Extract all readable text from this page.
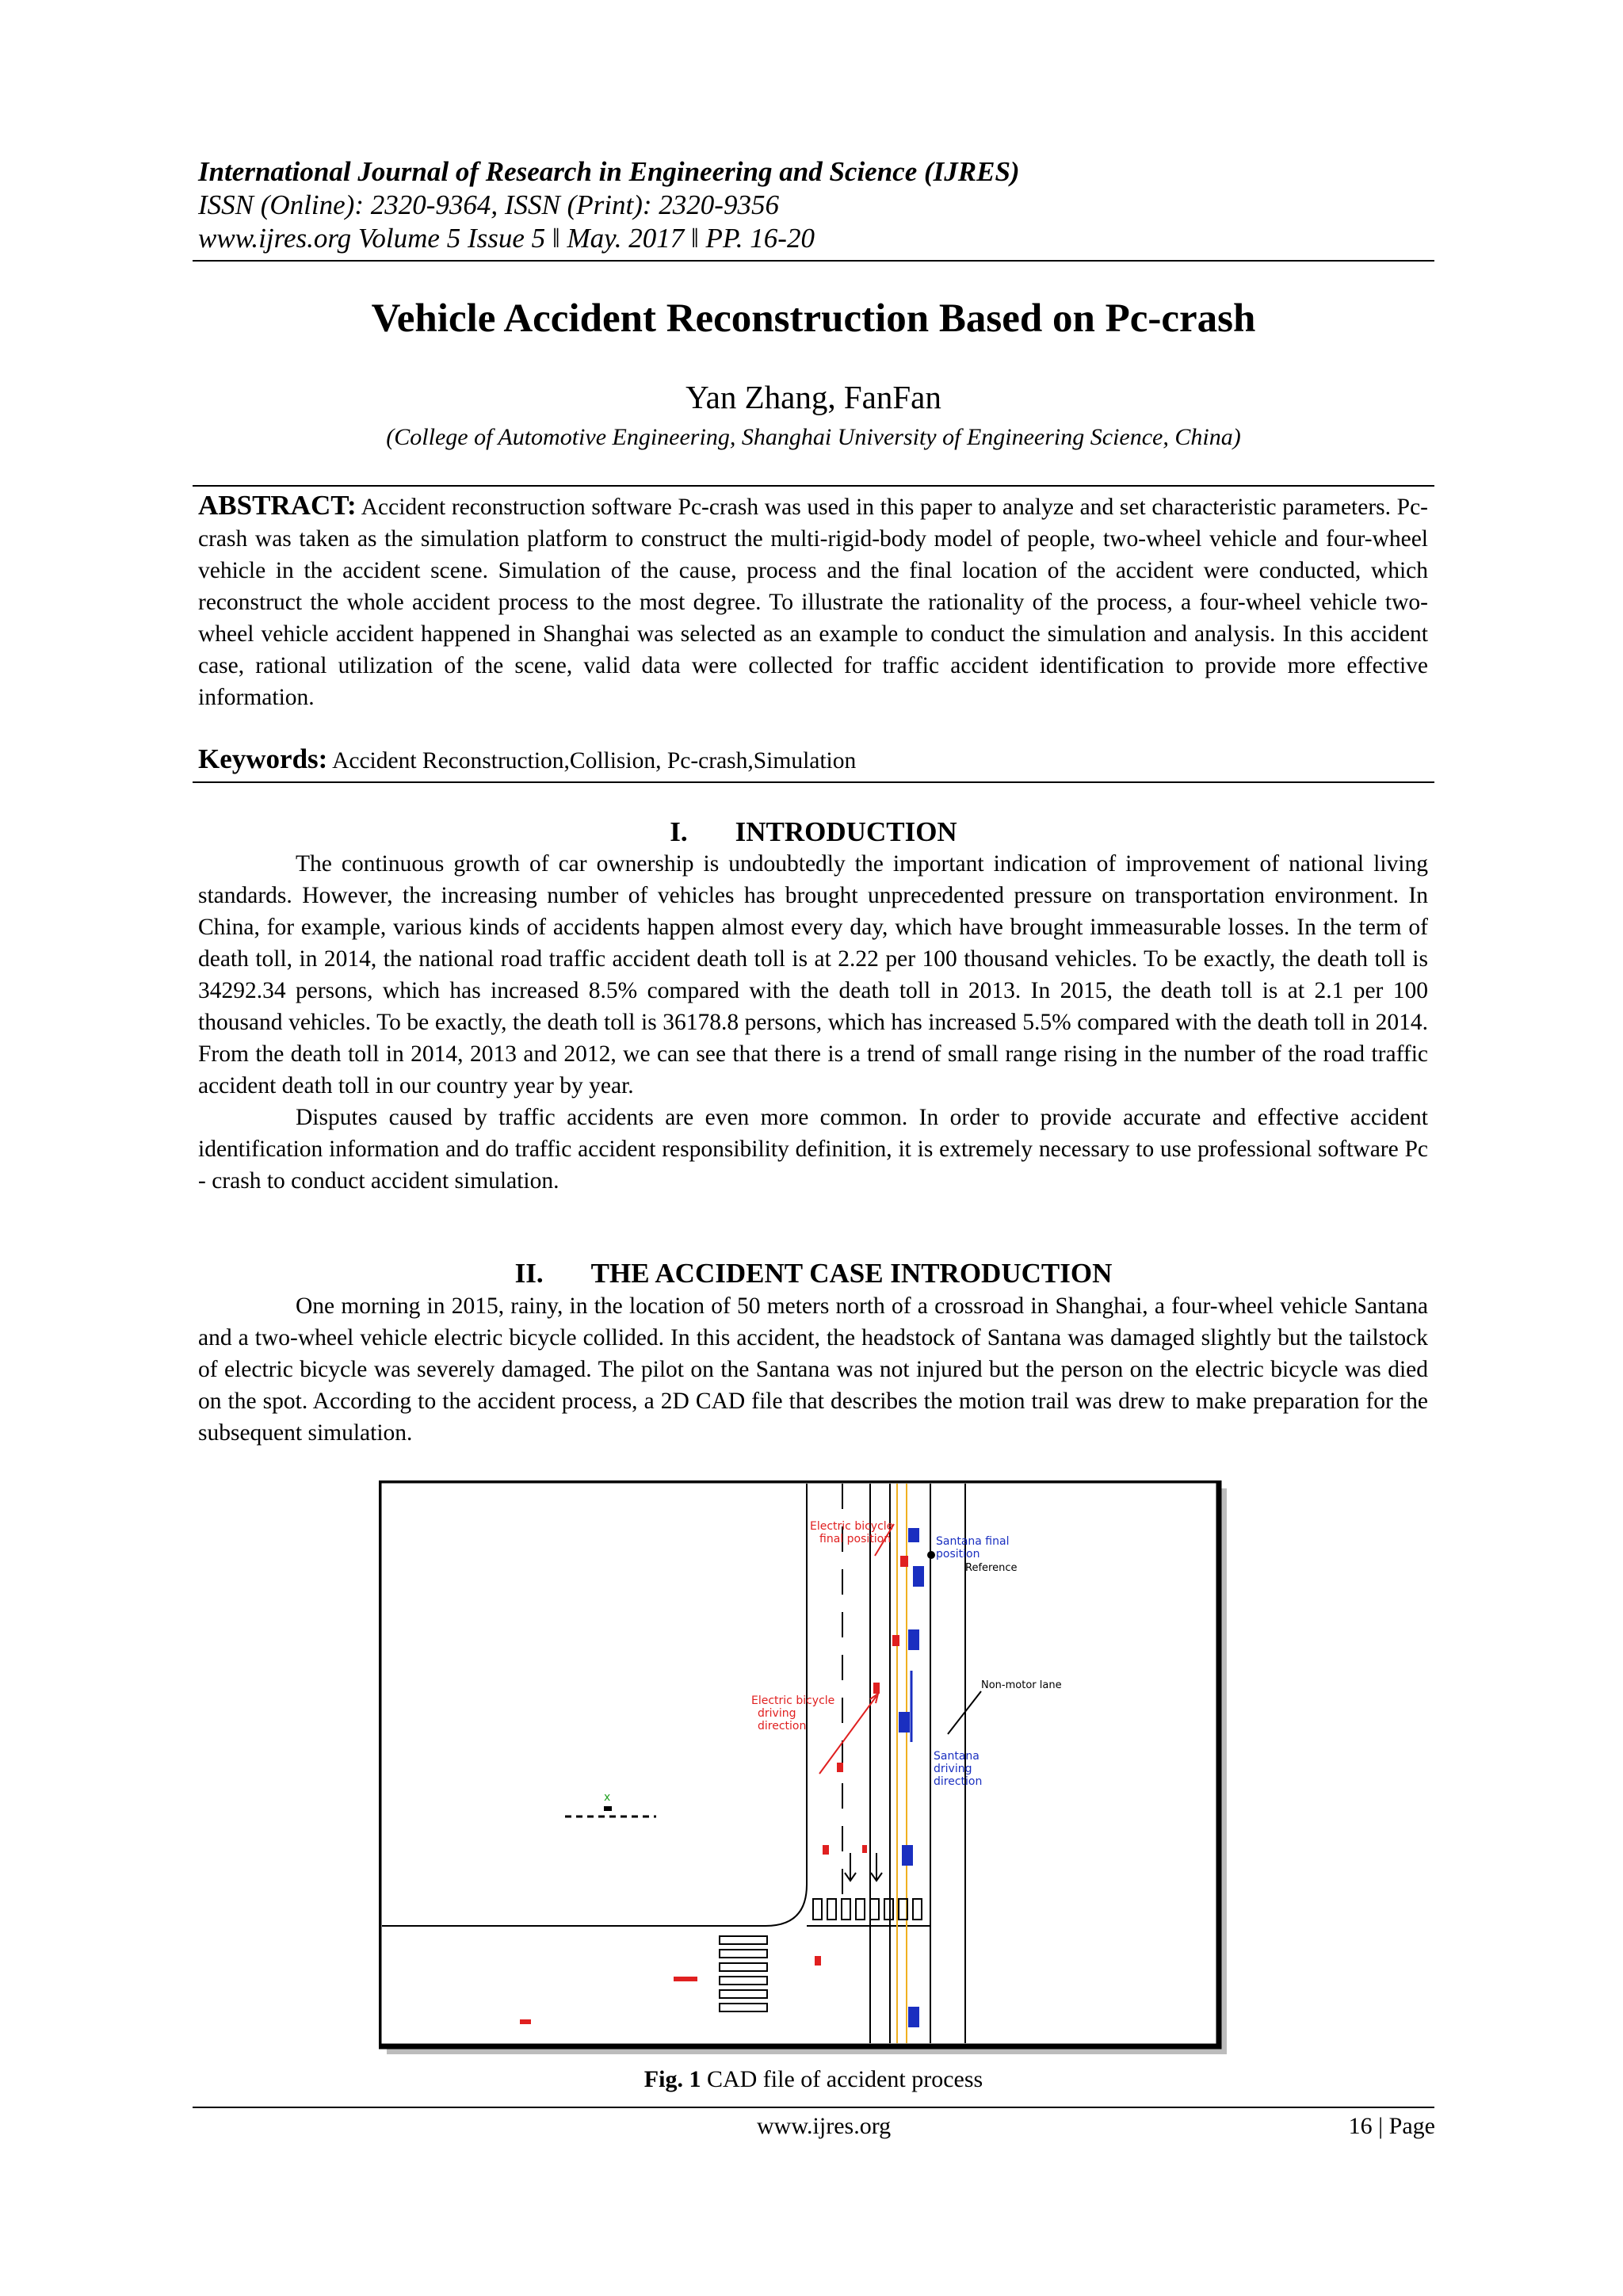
International Journal of Research in Engineering and Science (IJRES)
ISSN (Online): 2320-9364, ISSN (Print): 2320-9356
www.ijres.org Volume 5 Issue 5 ǁ May. 2017 ǁ PP. 16-20
Vehicle Accident Reconstruction Based on Pc-crash
Yan Zhang, FanFan
(College of Automotive Engineering, Shanghai University of Engineering Science, China)

ABSTRACT: Accident reconstruction software Pc-crash was used in this paper to analyze and set characteristic parameters. Pc-crash was taken as the simulation platform to construct the multi-rigid-body model of people, two-wheel vehicle and four-wheel vehicle in the accident scene. Simulation of the cause, process and the final location of the accident were conducted, which reconstruct the whole accident process to the most degree. To illustrate the rationality of the process, a four-wheel vehicle two-wheel vehicle accident happened in Shanghai was selected as an example to conduct the simulation and analysis. In this accident case, rational utilization of the scene, valid data were collected for traffic accident identification to provide more effective information.

Keywords: Accident Reconstruction,Collision, Pc-crash,Simulation

I. INTRODUCTION

The continuous growth of car ownership is undoubtedly the important indication of improvement of national living standards. However, the increasing number of vehicles has brought unprecedented pressure on transportation environment. In China, for example, various kinds of accidents happen almost every day, which have brought immeasurable losses. In the term of death toll, in 2014, the national road traffic accident death toll is at 2.22 per 100 thousand vehicles. To be exactly, the death toll is 34292.34 persons, which has increased 8.5% compared with the death toll in 2013. In 2015, the death toll is at 2.1 per 100 thousand vehicles. To be exactly, the death toll is 36178.8 persons, which has increased 5.5% compared with the death toll in 2014. From the death toll in 2014, 2013 and 2012, we can see that there is a trend of small range rising in the number of the road traffic accident death toll in our country year by year.

Disputes caused by traffic accidents are even more common. In order to provide accurate and effective accident identification information and do traffic accident responsibility definition, it is extremely necessary to use professional software Pc - crash to conduct accident simulation.

II. THE ACCIDENT CASE INTRODUCTION

One morning in 2015, rainy, in the location of 50 meters north of a crossroad in Shanghai, a four-wheel vehicle Santana and a two-wheel vehicle electric bicycle collided. In this accident, the headstock of Santana was damaged slightly but the tailstock of electric bicycle was severely damaged. The pilot on the Santana was not injured but the person on the electric bicycle was died on the spot. According to the accident process, a 2D CAD file that describes the motion trail was drew to make preparation for the subsequent simulation.

x
Electric bicycle
final position	Santana final
position
Reference
Non-motor lane
Electric bicycle
driving
direction
Santana
driving
direction
Fig. 1 CAD file of accident process
www.ijres.org	16 | Page
